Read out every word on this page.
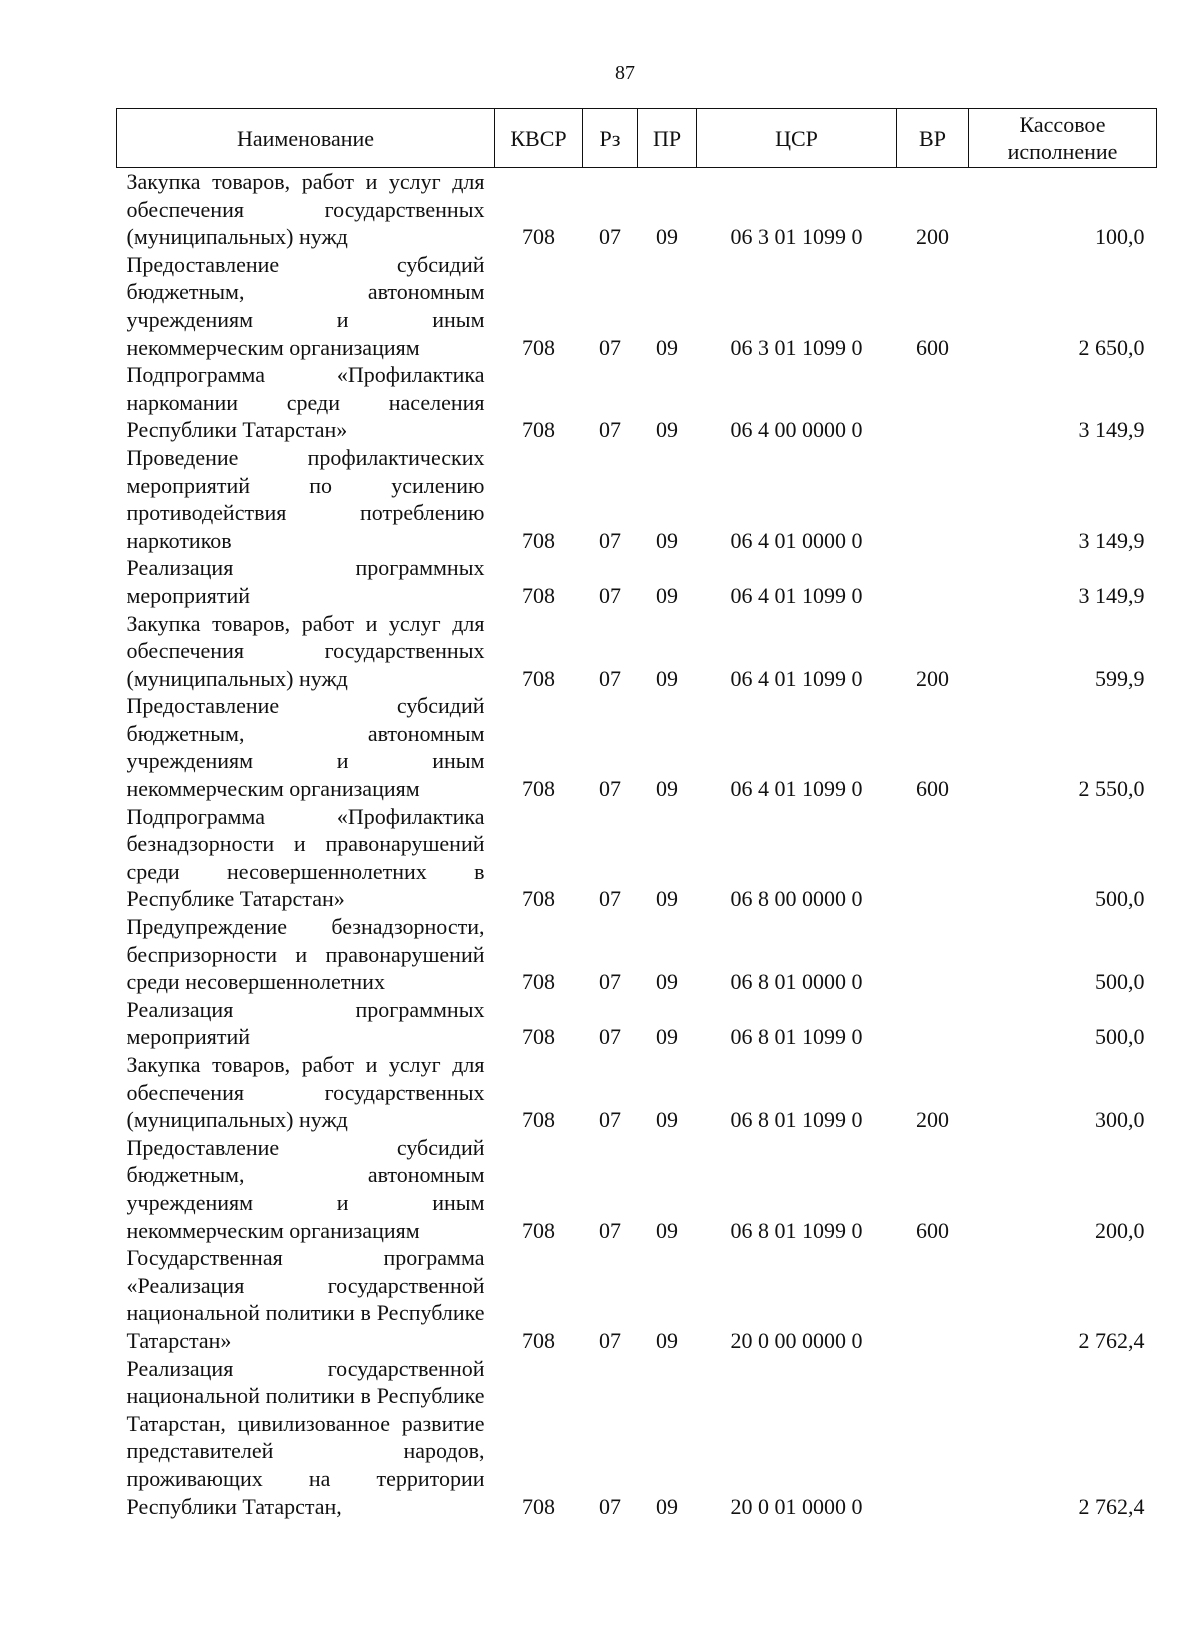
87
Наименование	КВСР	Рз	ПР	ЦСР	ВР	Кассовое исполнение
Закупка товаров, работ и услуг для обеспечения государственных (муниципальных) нужд	708	07	09	06 3 01 1099 0	200	100,0
Предоставление субсидий бюджетным, автономным учреждениям и иным некоммерческим организациям	708	07	09	06 3 01 1099 0	600	2 650,0
Подпрограмма «Профилактика наркомании среди населения Республики Татарстан»	708	07	09	06 4 00 0000 0		3 149,9
Проведение профилактических мероприятий по усилению противодействия потреблению наркотиков	708	07	09	06 4 01 0000 0		3 149,9
Реализация программных мероприятий	708	07	09	06 4 01 1099 0		3 149,9
Закупка товаров, работ и услуг для обеспечения государственных (муниципальных) нужд	708	07	09	06 4 01 1099 0	200	599,9
Предоставление субсидий бюджетным, автономным учреждениям и иным некоммерческим организациям	708	07	09	06 4 01 1099 0	600	2 550,0
Подпрограмма «Профилактика безнадзорности и правонарушений среди несовершеннолетних в Республике Татарстан»	708	07	09	06 8 00 0000 0		500,0
Предупреждение безнадзорности, беспризорности и правонарушений среди несовершеннолетних	708	07	09	06 8 01 0000 0		500,0
Реализация программных мероприятий	708	07	09	06 8 01 1099 0		500,0
Закупка товаров, работ и услуг для обеспечения государственных (муниципальных) нужд	708	07	09	06 8 01 1099 0	200	300,0
Предоставление субсидий бюджетным, автономным учреждениям и иным некоммерческим организациям	708	07	09	06 8 01 1099 0	600	200,0
Государственная программа «Реализация государственной национальной политики в Республике Татарстан»	708	07	09	20 0 00 0000 0		2 762,4
Реализация государственной национальной политики в Республике Татарстан, цивилизованное развитие представителей народов, проживающих на территории Республики Татарстан,	708	07	09	20 0 01 0000 0		2 762,4
